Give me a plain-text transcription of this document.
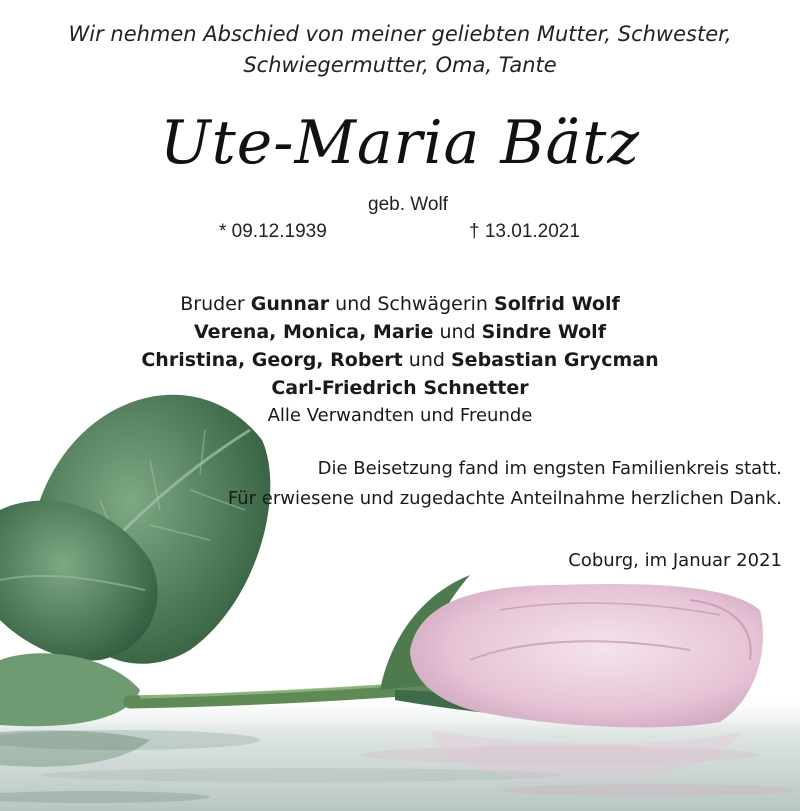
Wir nehmen Abschied von meiner geliebten Mutter, Schwester,
Schwiegermutter, Oma, Tante
Ute-Maria Bätz
geb. Wolf
* 09.12.1939	† 13.01.2021
Bruder Gunnar und Schwägerin Solfrid Wolf
Verena, Monica, Marie und Sindre Wolf
Christina, Georg, Robert und Sebastian Grycman
Carl-Friedrich Schnetter
Alle Verwandten und Freunde
Die Beisetzung fand im engsten Familienkreis statt.
Für erwiesene und zugedachte Anteilnahme herzlichen Dank.
Coburg, im Januar 2021
